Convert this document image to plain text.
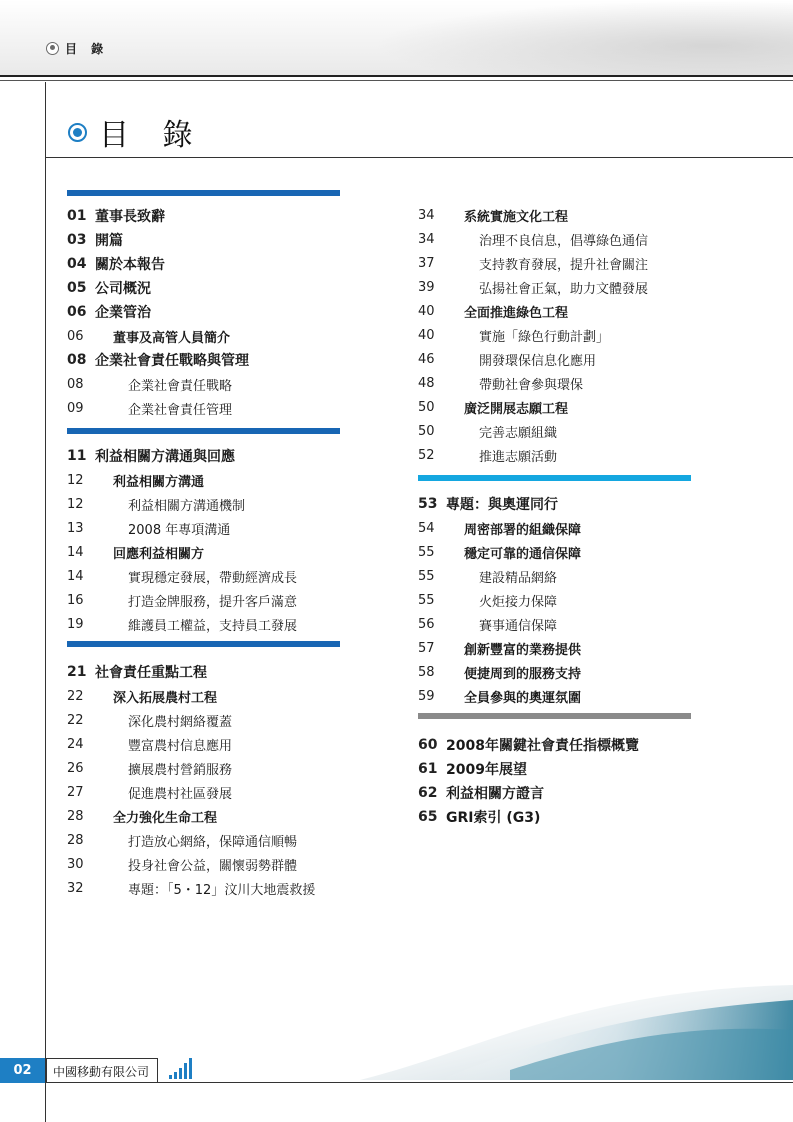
目 錄
目 錄
01 董事長致辭
03 開篇
04 關於本報告
05 公司概況
06 企業管治
06	董事及高管人員簡介
08 企業社會責任戰略與管理
08	企業社會責任戰略
09	企業社會責任管理
11 利益相關方溝通與回應
12	利益相關方溝通
12	利益相關方溝通機制
13	2008 年專項溝通
14	回應利益相關方
14	實現穩定發展，帶動經濟成長
16	打造金牌服務，提升客戶滿意
19	維護員工權益，支持員工發展
21 社會責任重點工程
22	深入拓展農村工程
22	深化農村網絡覆蓋
24	豐富農村信息應用
26	擴展農村營銷服務
27	促進農村社區發展
28	全力強化生命工程
28	打造放心網絡，保障通信順暢
30	投身社會公益，關懷弱勢群體
32	專題：「5・12」汶川大地震救援
34	系統實施文化工程
34	治理不良信息，倡導綠色通信
37	支持教育發展，提升社會關注
39	弘揚社會正氣，助力文體發展
40	全面推進綠色工程
40	實施「綠色行動計劃」
46	開發環保信息化應用
48	帶動社會參與環保
50	廣泛開展志願工程
50	完善志願組織
52	推進志願活動
53 專題：與奧運同行
54	周密部署的組織保障
55	穩定可靠的通信保障
55	建設精品網絡
55	火炬接力保障
56	賽事通信保障
57	創新豐富的業務提供
58	便捷周到的服務支持
59	全員參與的奧運氛圍
60 2008年關鍵社會責任指標概覽
61 2009年展望
62 利益相關方證言
65 GRI索引 (G3)
02	中國移動有限公司
